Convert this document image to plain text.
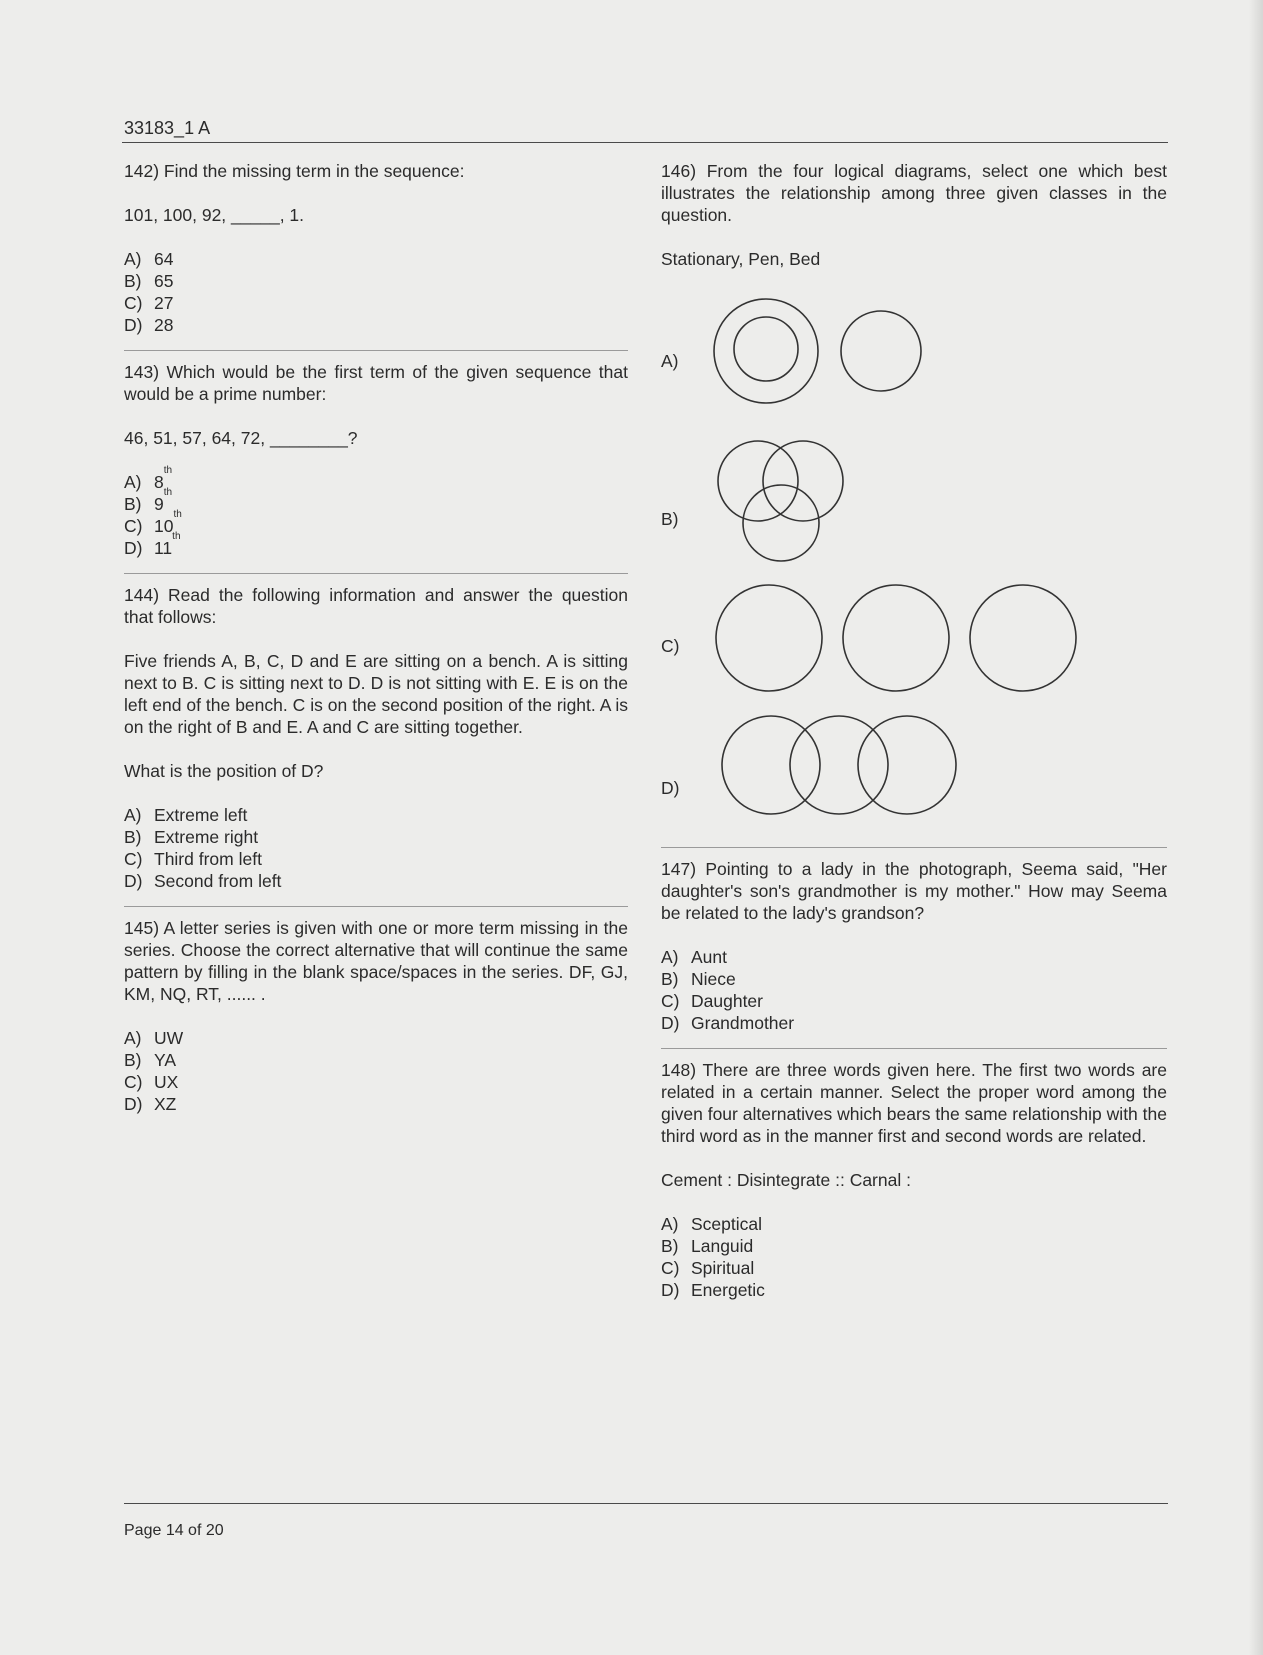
33183_1 A

142) Find the missing term in the sequence:

101, 100, 92, _____, 1.

A) 64
B) 65
C) 27
D) 28

143) Which would be the first term of the given sequence that would be a prime number:

46, 51, 57, 64, 72, ________?

A) 8
th
B) 9
th
C) 10
th
D) 11
th

144) Read the following information and answer the question that follows:

Five friends A, B, C, D and E are sitting on a bench. A is sitting next to B. C is sitting next to D. D is not sitting with E. E is on the left end of the bench. C is on the second position of the right. A is on the right of B and E. A and C are sitting together.

What is the position of D?

A) Extreme left
B) Extreme right
C) Third from left
D) Second from left

145) A letter series is given with one or more term missing in the series. Choose the correct alternative that will continue the same pattern by filling in the blank space/spaces in the series. DF, GJ, KM, NQ, RT, ...... .

A) UW
B) YA
C) UX
D) XZ

146) From the four logical diagrams, select one which best illustrates the relationship among three given classes in the question.

Stationary, Pen, Bed

A)
B)
C)
D)

147) Pointing to a lady in the photograph, Seema said, "Her daughter's son's grandmother is my mother." How may Seema be related to the lady's grandson?

A) Aunt
B) Niece
C) Daughter
D) Grandmother

148) There are three words given here. The first two words are related in a certain manner. Select the proper word among the given four alternatives which bears the same relationship with the third word as in the manner first and second words are related.

Cement : Disintegrate :: Carnal :

A) Sceptical
B) Languid
C) Spiritual
D) Energetic
Page 14 of 20
